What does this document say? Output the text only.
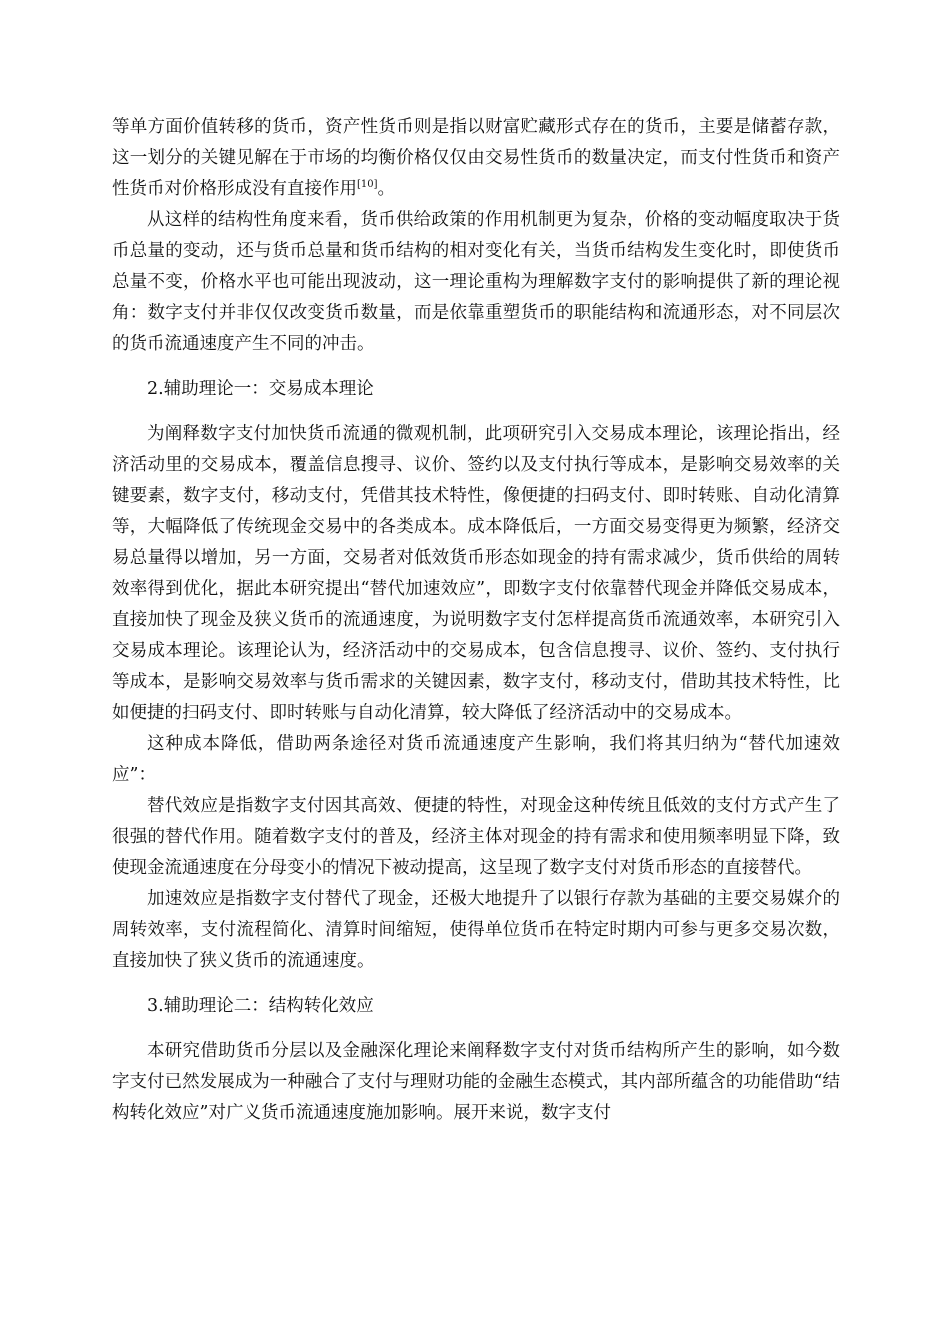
等单方面价值转移的货币，资产性货币则是指以财富贮藏形式存在的货币，主要是储蓄存款，这一划分的关键见解在于市场的均衡价格仅仅由交易性货币的数量决定，而支付性货币和资产性货币对价格形成没有直接作用[10]。

从这样的结构性角度来看，货币供给政策的作用机制更为复杂，价格的变动幅度取决于货币总量的变动，还与货币总量和货币结构的相对变化有关，当货币结构发生变化时，即使货币总量不变，价格水平也可能出现波动，这一理论重构为理解数字支付的影响提供了新的理论视角：数字支付并非仅仅改变货币数量，而是依靠重塑货币的职能结构和流通形态，对不同层次的货币流通速度产生不同的冲击。

2.辅助理论一：交易成本理论

为阐释数字支付加快货币流通的微观机制，此项研究引入交易成本理论，该理论指出，经济活动里的交易成本，覆盖信息搜寻、议价、签约以及支付执行等成本，是影响交易效率的关键要素，数字支付，移动支付，凭借其技术特性，像便捷的扫码支付、即时转账、自动化清算等，大幅降低了传统现金交易中的各类成本。成本降低后，一方面交易变得更为频繁，经济交易总量得以增加，另一方面，交易者对低效货币形态如现金的持有需求减少，货币供给的周转效率得到优化，据此本研究提出“替代加速效应”，即数字支付依靠替代现金并降低交易成本，直接加快了现金及狭义货币的流通速度，为说明数字支付怎样提高货币流通效率，本研究引入交易成本理论。该理论认为，经济活动中的交易成本，包含信息搜寻、议价、签约、支付执行等成本，是影响交易效率与货币需求的关键因素，数字支付，移动支付，借助其技术特性，比如便捷的扫码支付、即时转账与自动化清算，较大降低了经济活动中的交易成本。

这种成本降低，借助两条途径对货币流通速度产生影响，我们将其归纳为“替代加速效应”：

替代效应是指数字支付因其高效、便捷的特性，对现金这种传统且低效的支付方式产生了很强的替代作用。随着数字支付的普及，经济主体对现金的持有需求和使用频率明显下降，致使现金流通速度在分母变小的情况下被动提高，这呈现了数字支付对货币形态的直接替代。

加速效应是指数字支付替代了现金，还极大地提升了以银行存款为基础的主要交易媒介的周转效率，支付流程简化、清算时间缩短，使得单位货币在特定时期内可参与更多交易次数，直接加快了狭义货币的流通速度。

3.辅助理论二：结构转化效应

本研究借助货币分层以及金融深化理论来阐释数字支付对货币结构所产生的影响，如今数字支付已然发展成为一种融合了支付与理财功能的金融生态模式，其内部所蕴含的功能借助“结构转化效应”对广义货币流通速度施加影响。展开来说，数字支付
